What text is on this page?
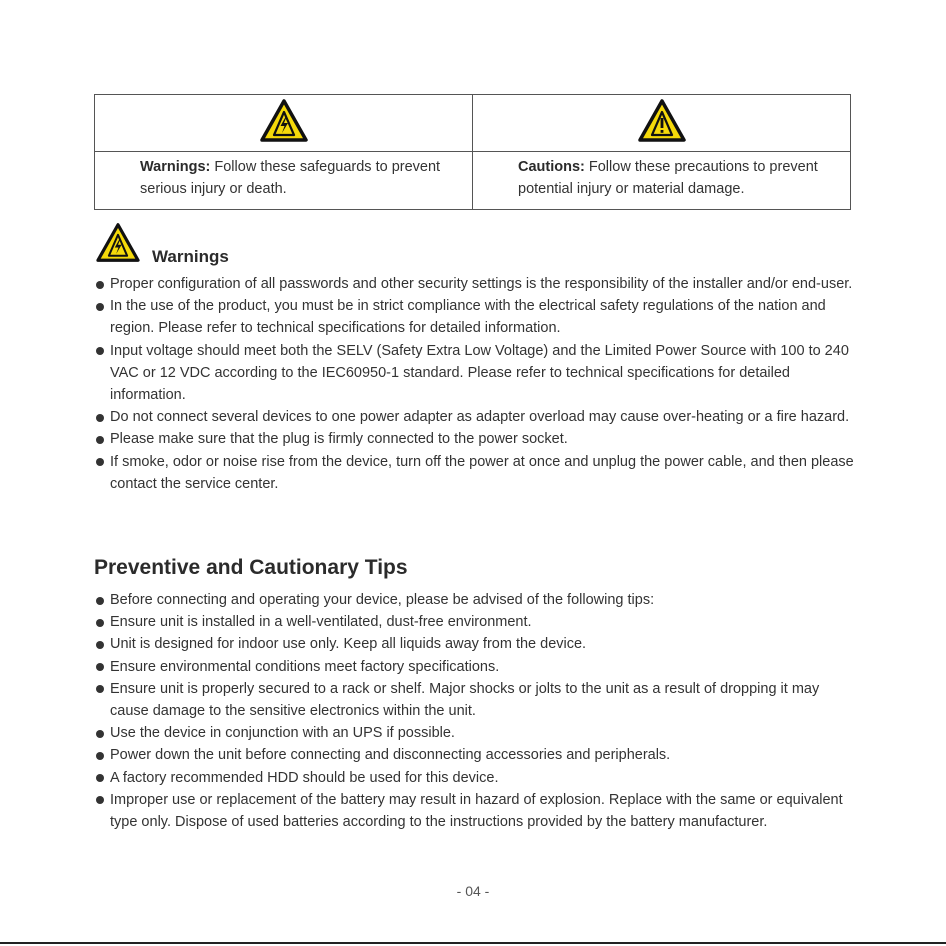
Warnings: Follow these safeguards to prevent serious injury or death.
Cautions: Follow these precautions to prevent potential injury or material damage.
Warnings
Proper configuration of all passwords and other security settings is the responsibility of the installer and/or end-user.
In the use of the product, you must be in strict compliance with the electrical safety regulations of the nation and region. Please refer to technical specifications for detailed information.
Input voltage should meet both the SELV (Safety Extra Low Voltage) and the Limited Power Source with 100 to 240 VAC or 12 VDC according to the IEC60950-1 standard. Please refer to technical specifications for detailed information.
Do not connect several devices to one power adapter as adapter overload may cause over-heating or a fire hazard.
Please make sure that the plug is firmly connected to the power socket.
If smoke, odor or noise rise from the device, turn off the power at once and unplug the power cable, and then please contact the service center.
Preventive and Cautionary Tips
Before connecting and operating your device, please be advised of the following tips:
Ensure unit is installed in a well-ventilated, dust-free environment.
Unit is designed for indoor use only. Keep all liquids away from the device.
Ensure environmental conditions meet factory specifications.
Ensure unit is properly secured to a rack or shelf. Major shocks or jolts to the unit as a result of dropping it may cause damage to the sensitive electronics within the unit.
Use the device in conjunction with an UPS if possible.
Power down the unit before connecting and disconnecting accessories and peripherals.
A factory recommended HDD should be used for this device.
Improper use or replacement of the battery may result in hazard of explosion. Replace with the same or equivalent type only. Dispose of used batteries according to the instructions provided by the battery manufacturer.
- 04 -
